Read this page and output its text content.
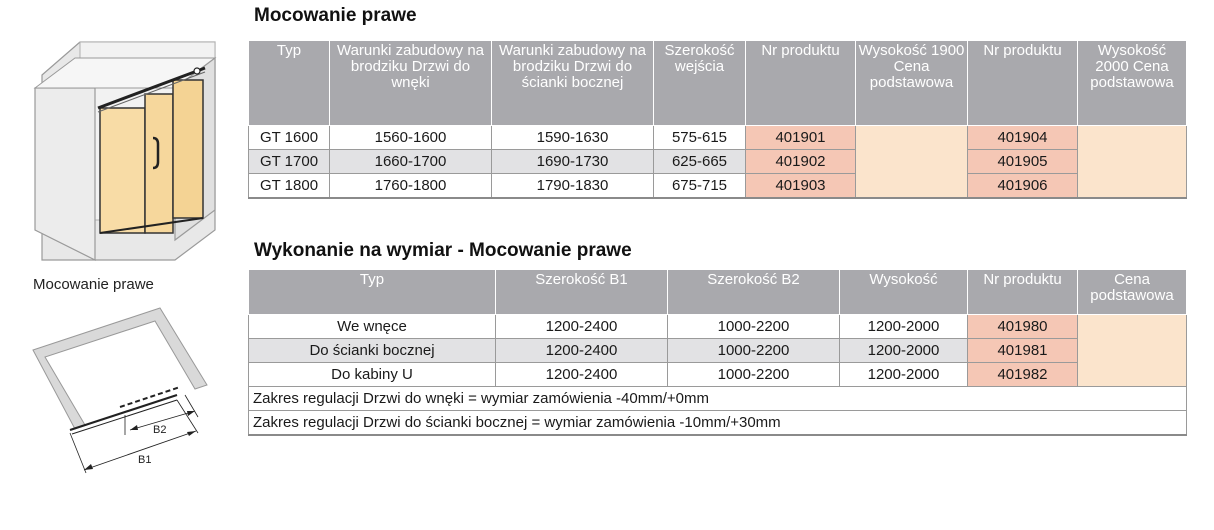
Mocowanie prawe
B2
B1
Mocowanie prawe
Typ	Warunki zabudowy na brodziku Drzwi do wnęki	Warunki zabudowy na brodziku Drzwi do ścianki bocznej	Szerokość wejścia	Nr produktu	Wysokość 1900 Cena podstawowa	Nr produktu	Wysokość 2000 Cena podstawowa
GT 1600	1560-1600	1590-1630	575-615	401901		401904	
GT 1700	1660-1700	1690-1730	625-665	401902		401905	
GT 1800	1760-1800	1790-1830	675-715	401903		401906	
Wykonanie na wymiar - Mocowanie prawe
Typ	Szerokość B1	Szerokość B2	Wysokość	Nr produktu	Cena podstawowa
We wnęce	1200-2400	1000-2200	1200-2000	401980	
Do ścianki bocznej	1200-2400	1000-2200	1200-2000	401981	
Do kabiny U	1200-2400	1000-2200	1200-2000	401982	
Zakres regulacji Drzwi do wnęki = wymiar zamówienia -40mm/+0mm					
Zakres regulacji Drzwi do ścianki bocznej = wymiar zamówienia -10mm/+30mm					
